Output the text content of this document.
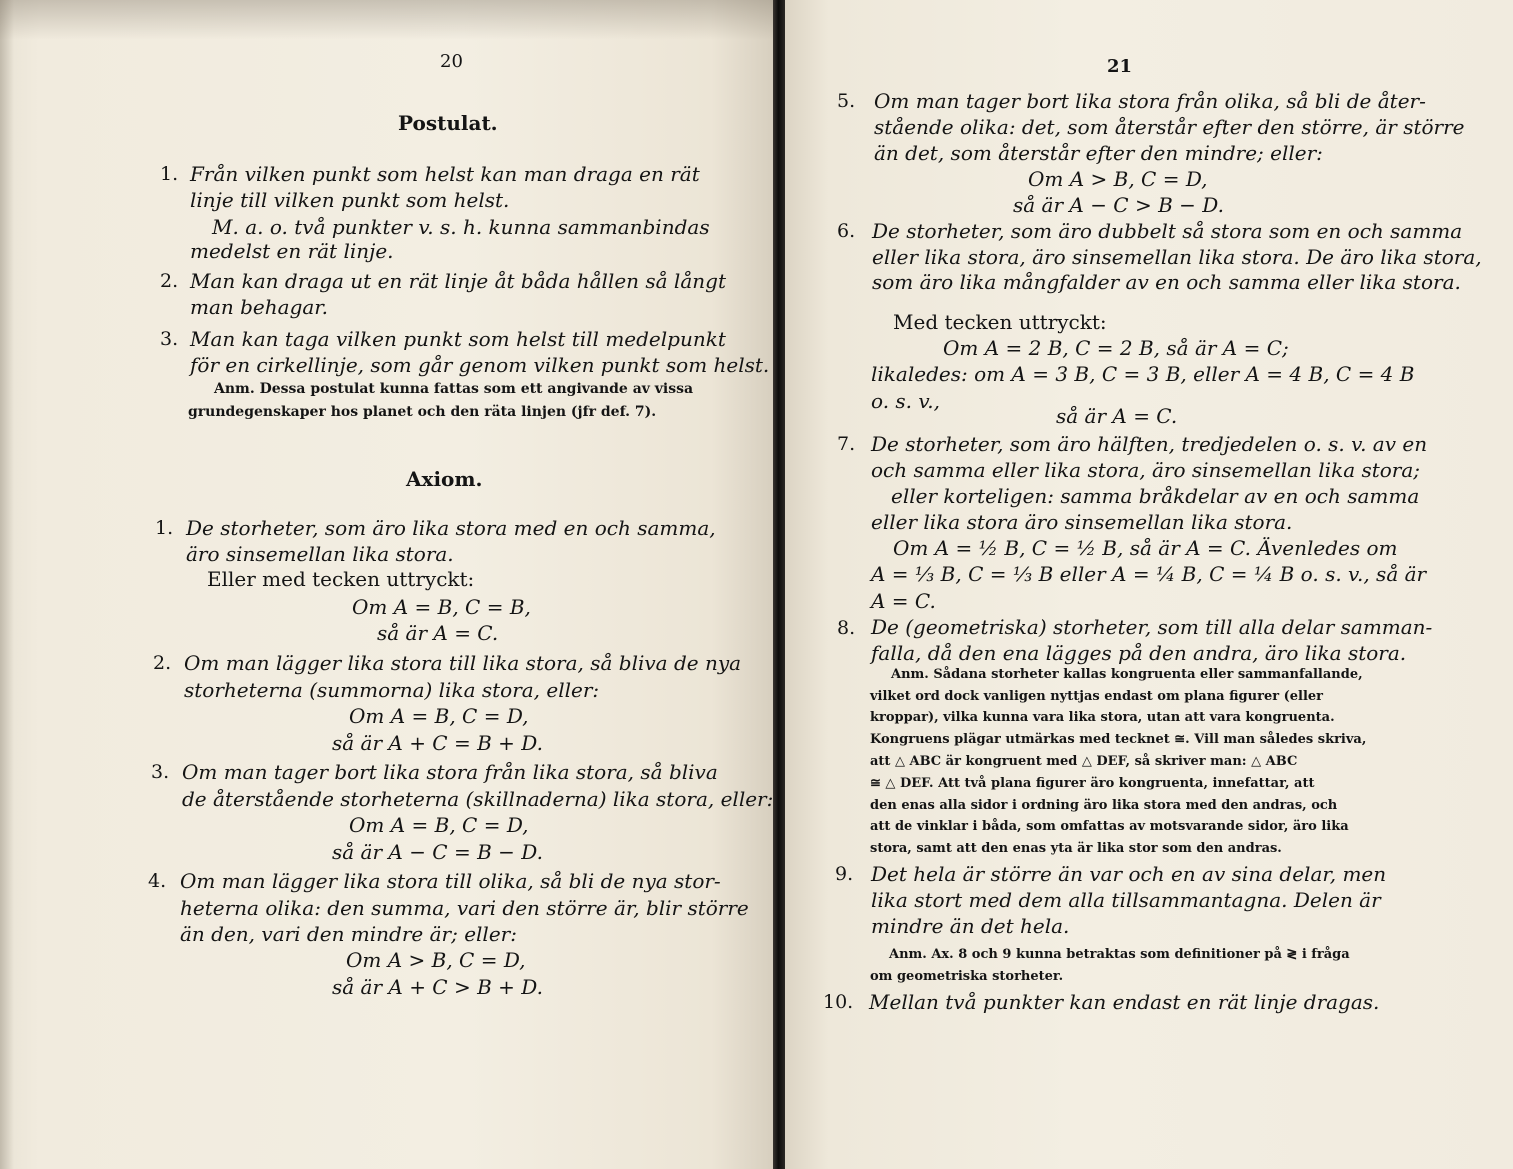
20
Postulat.
1. Från vilken punkt som helst kan man draga en rät
linje till vilken punkt som helst.
M. a. o. två punkter v. s. h. kunna sammanbindas
medelst en rät linje.
2. Man kan draga ut en rät linje åt båda hållen så långt
man behagar.
3. Man kan taga vilken punkt som helst till medelpunkt
för en cirkellinje, som går genom vilken punkt som helst.
Anm. Dessa postulat kunna fattas som ett angivande av vissa
grundegenskaper hos planet och den räta linjen (jfr def. 7).
Axiom.
1. De storheter, som äro lika stora med en och samma,
äro sinsemellan lika stora.
Eller med tecken uttryckt:
Om A = B, C = B,
så är A = C.
2. Om man lägger lika stora till lika stora, så bliva de nya
storheterna (summorna) lika stora, eller:
Om A = B, C = D,
så är A + C = B + D.
3. Om man tager bort lika stora från lika stora, så bliva
de återstående storheterna (skillnaderna) lika stora, eller:
Om A = B, C = D,
så är A − C = B − D.
4. Om man lägger lika stora till olika, så bli de nya stor-
heterna olika: den summa, vari den större är, blir större
än den, vari den mindre är; eller:
Om A > B, C = D,
så är A + C > B + D.
21
5. Om man tager bort lika stora från olika, så bli de åter-
stående olika: det, som återstår efter den större, är större
än det, som återstår efter den mindre; eller:
Om A > B, C = D,
så är A − C > B − D.
6. De storheter, som äro dubbelt så stora som en och samma
eller lika stora, äro sinsemellan lika stora. De äro lika stora,
som äro lika mångfalder av en och samma eller lika stora.
Med tecken uttryckt:
Om A = 2 B, C = 2 B, så är A = C;
likaledes: om A = 3 B, C = 3 B, eller A = 4 B, C = 4 B
o. s. v.,
så är A = C.
7. De storheter, som äro hälften, tredjedelen o. s. v. av en
och samma eller lika stora, äro sinsemellan lika stora;
eller korteligen: samma bråkdelar av en och samma
eller lika stora äro sinsemellan lika stora.
Om A = ½ B, C = ½ B, så är A = C. Ävenledes om
A = ⅓ B, C = ⅓ B eller A = ¼ B, C = ¼ B o. s. v., så är
A = C.
8. De (geometriska) storheter, som till alla delar samman-
falla, då den ena lägges på den andra, äro lika stora.
Anm. Sådana storheter kallas kongruenta eller sammanfallande,
vilket ord dock vanligen nyttjas endast om plana figurer (eller
kroppar), vilka kunna vara lika stora, utan att vara kongruenta.
Kongruens plägar utmärkas med tecknet ≅. Vill man således skriva,
att △ ABC är kongruent med △ DEF, så skriver man: △ ABC
≅ △ DEF. Att två plana figurer äro kongruenta, innefattar, att
den enas alla sidor i ordning äro lika stora med den andras, och
att de vinklar i båda, som omfattas av motsvarande sidor, äro lika
stora, samt att den enas yta är lika stor som den andras.
9. Det hela är större än var och en av sina delar, men
lika stort med dem alla tillsammantagna. Delen är
mindre än det hela.
Anm. Ax. 8 och 9 kunna betraktas som definitioner på ≷ i fråga
om geometriska storheter.
10. Mellan två punkter kan endast en rät linje dragas.
